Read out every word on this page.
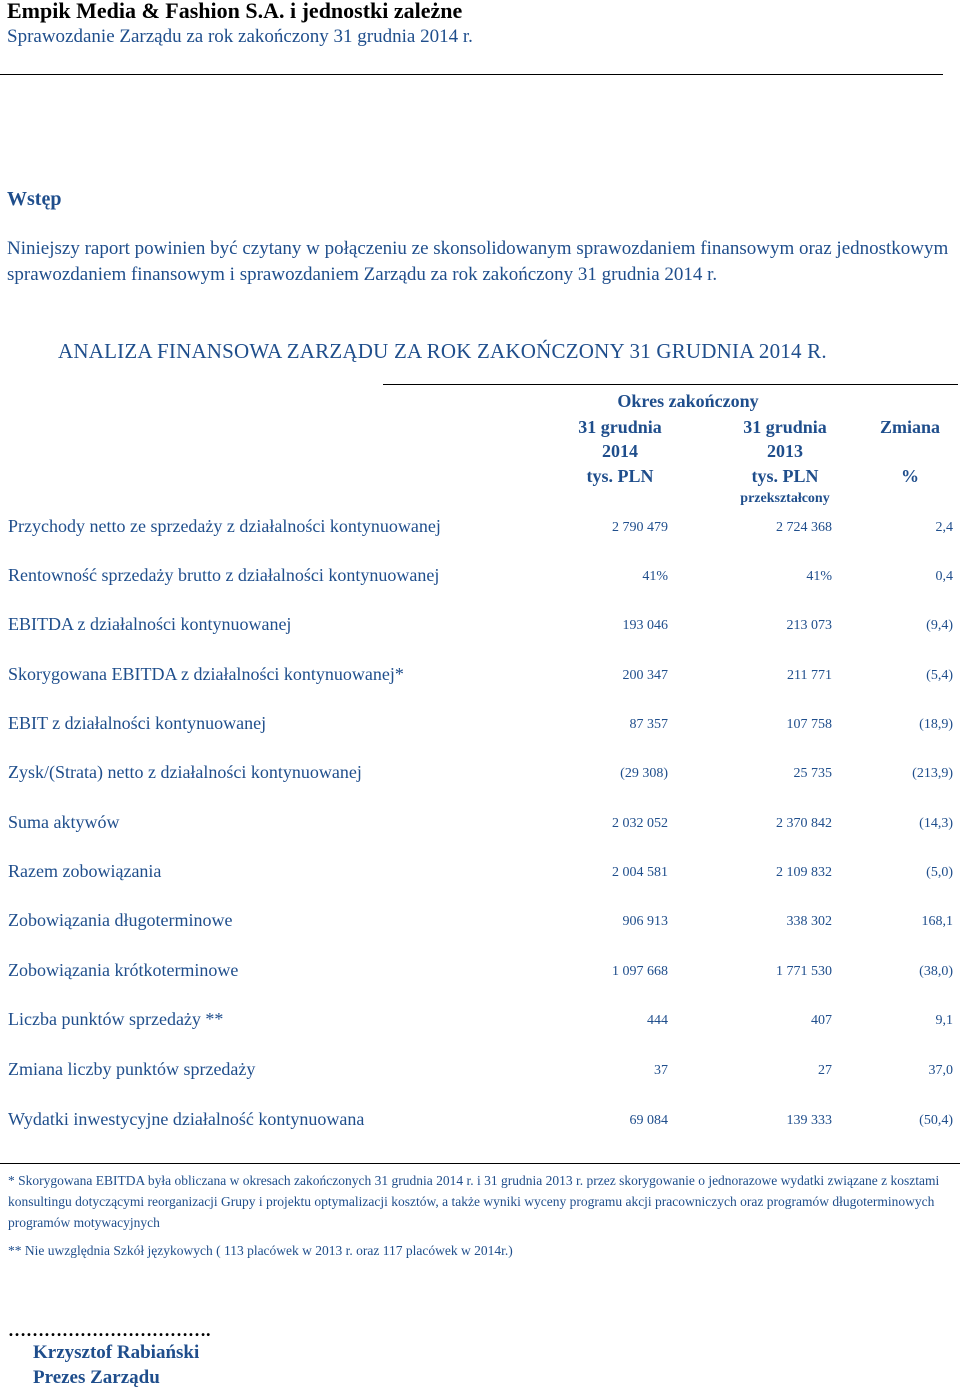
Empik Media & Fashion S.A. i jednostki zależne
Sprawozdanie Zarządu za rok zakończony 31 grudnia 2014 r.
Wstęp
Niniejszy raport powinien być czytany w połączeniu ze skonsolidowanym sprawozdaniem finansowym oraz jednostkowym sprawozdaniem finansowym i sprawozdaniem Zarządu za rok zakończony 31 grudnia 2014 r.
ANALIZA FINANSOWA ZARZĄDU ZA ROK ZAKOŃCZONY 31 GRUDNIA 2014 R.
Okres zakończony
31 grudnia
2014
tys. PLN
31 grudnia
2013
tys. PLN
przekształcony
Zmiana
%
Przychody netto ze sprzedaży z działalności kontynuowanej	2 790 479	2 724 368	2,4
Rentowność sprzedaży brutto z działalności kontynuowanej	41%	41%	0,4
EBITDA z działalności kontynuowanej	193 046	213 073	(9,4)
Skorygowana EBITDA z działalności kontynuowanej*	200 347	211 771	(5,4)
EBIT z działalności kontynuowanej	87 357	107 758	(18,9)
Zysk/(Strata) netto z działalności kontynuowanej	(29 308)	25 735	(213,9)
Suma aktywów	2 032 052	2 370 842	(14,3)
Razem zobowiązania	2 004 581	2 109 832	(5,0)
Zobowiązania długoterminowe	906 913	338 302	168,1
Zobowiązania krótkoterminowe	1 097 668	1 771 530	(38,0)
Liczba punktów sprzedaży **	444	407	9,1
Zmiana liczby punktów sprzedaży	37	27	37,0
Wydatki inwestycyjne działalność kontynuowana	69 084	139 333	(50,4)
* Skorygowana EBITDA była obliczana w okresach zakończonych 31 grudnia 2014 r. i 31 grudnia 2013 r. przez skorygowanie o jednorazowe wydatki związane z kosztami konsultingu dotyczącymi reorganizacji Grupy i projektu optymalizacji kosztów, a także wyniki wyceny programu akcji pracowniczych oraz programów długoterminowych programów motywacyjnych
** Nie uwzględnia Szkół językowych ( 113 placówek w 2013 r. oraz 117 placówek w 2014r.)
…………………………….
Krzysztof Rabiański
Prezes Zarządu
